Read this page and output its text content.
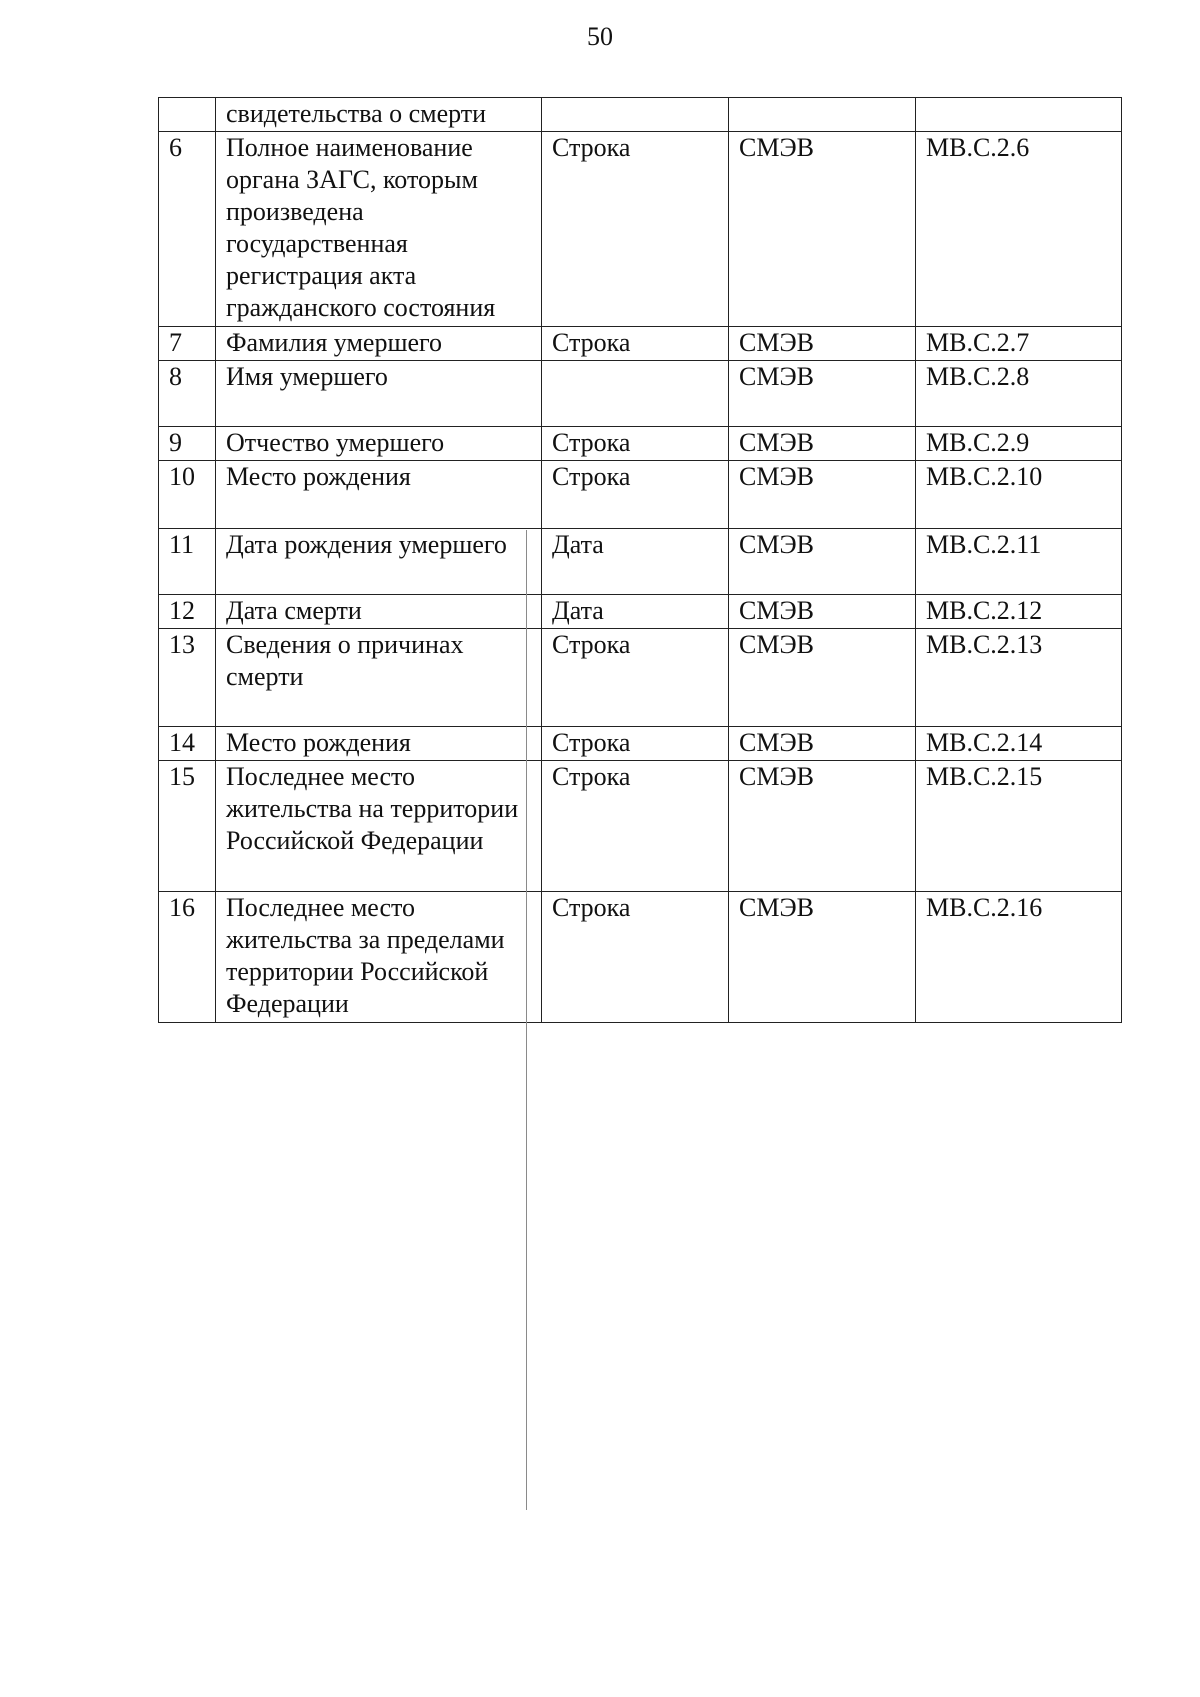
50
	свидетельства о смерти			
6	Полное наименование органа ЗАГС, которым произведена государственная регистрация акта гражданского состояния	Строка	СМЭВ	MB.C.2.6
7	Фамилия умершего	Строка	СМЭВ	MB.C.2.7
8	Имя умершего		СМЭВ	MB.C.2.8
9	Отчество умершего	Строка	СМЭВ	MB.C.2.9
10	Место рождения	Строка	СМЭВ	MB.C.2.10
11	Дата рождения умершего	Дата	СМЭВ	MB.C.2.11
12	Дата смерти	Дата	СМЭВ	MB.C.2.12
13	Сведения о причинах смерти	Строка	СМЭВ	MB.C.2.13
14	Место рождения	Строка	СМЭВ	MB.C.2.14
15	Последнее место жительства на территории Российской Федерации	Строка	СМЭВ	MB.C.2.15
16	Последнее место жительства за пределами территории Российской Федерации	Строка	СМЭВ	MB.C.2.16
